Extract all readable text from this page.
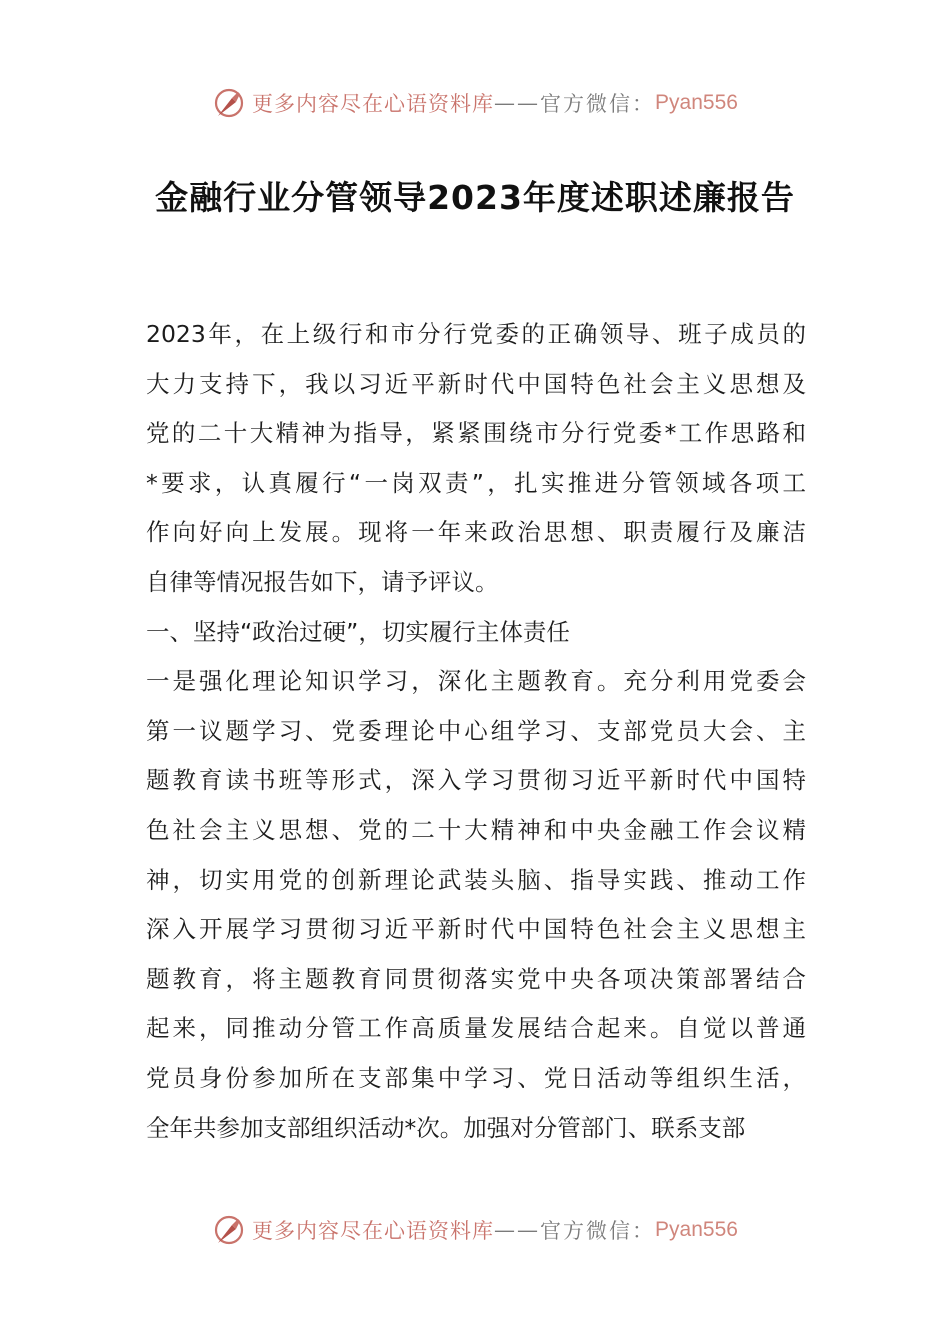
更多内容尽在心语资料库 —— 官方微信： Pyan556
金融行业分管领导2023年度述职述廉报告
2023年，在上级行和市分行党委的正确领导、班子成员的
大力支持下，我以习近平新时代中国特色社会主义思想及
党的二十大精神为指导，紧紧围绕市分行党委*工作思路和
*要求，认真履行“一岗双责”，扎实推进分管领域各项工
作向好向上发展。现将一年来政治思想、职责履行及廉洁
自律等情况报告如下，请予评议。
一、坚持“政治过硬”，切实履行主体责任
一是强化理论知识学习，深化主题教育。充分利用党委会
第一议题学习、党委理论中心组学习、支部党员大会、主
题教育读书班等形式，深入学习贯彻习近平新时代中国特
色社会主义思想、党的二十大精神和中央金融工作会议精
神，切实用党的创新理论武装头脑、指导实践、推动工作
深入开展学习贯彻习近平新时代中国特色社会主义思想主
题教育，将主题教育同贯彻落实党中央各项决策部署结合
起来，同推动分管工作高质量发展结合起来。自觉以普通
党员身份参加所在支部集中学习、党日活动等组织生活，
全年共参加支部组织活动*次。加强对分管部门、联系支部
更多内容尽在心语资料库 —— 官方微信： Pyan556
